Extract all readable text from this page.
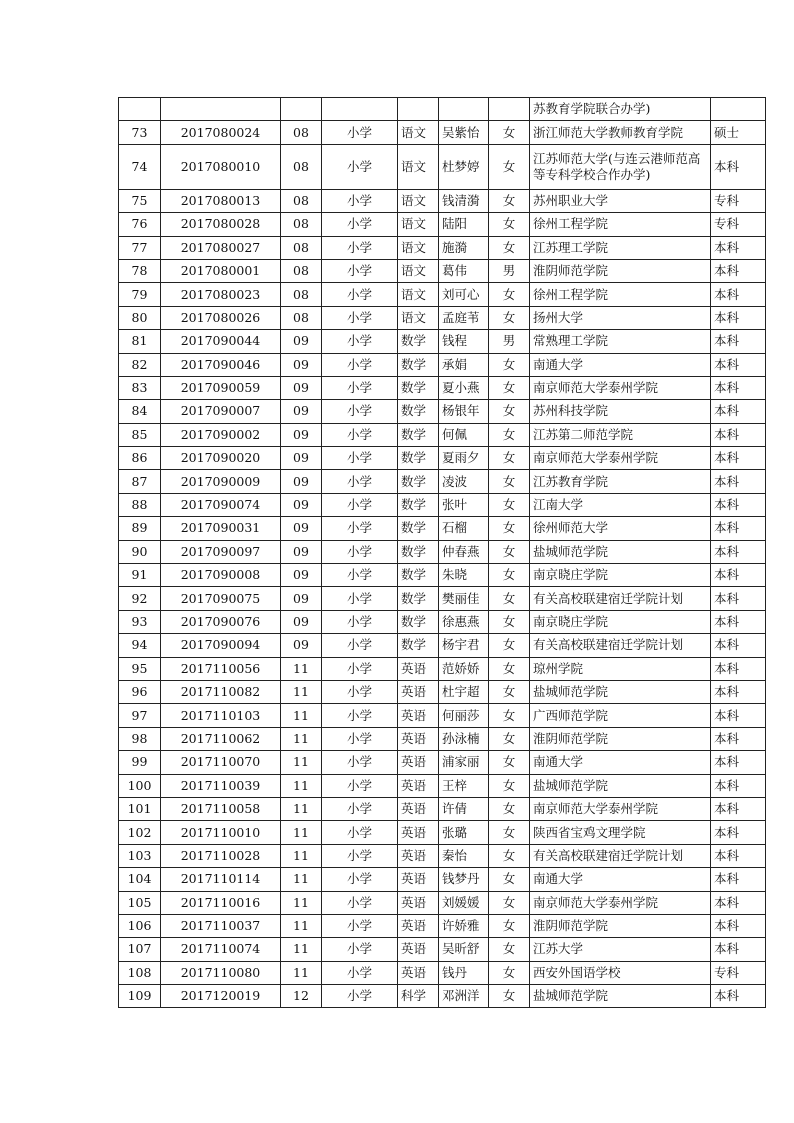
							苏教育学院联合办学)	
73	2017080024	08	小学	语文	吴紫怡	女	浙江师范大学教师教育学院	硕士
74	2017080010	08	小学	语文	杜梦婷	女	江苏师范大学(与连云港师范高等专科学校合作办学)	本科
75	2017080013	08	小学	语文	钱清漪	女	苏州职业大学	专科
76	2017080028	08	小学	语文	陆阳	女	徐州工程学院	专科
77	2017080027	08	小学	语文	施漪	女	江苏理工学院	本科
78	2017080001	08	小学	语文	葛伟	男	淮阴师范学院	本科
79	2017080023	08	小学	语文	刘可心	女	徐州工程学院	本科
80	2017080026	08	小学	语文	孟庭苇	女	扬州大学	本科
81	2017090044	09	小学	数学	钱程	男	常熟理工学院	本科
82	2017090046	09	小学	数学	承娟	女	南通大学	本科
83	2017090059	09	小学	数学	夏小燕	女	南京师范大学泰州学院	本科
84	2017090007	09	小学	数学	杨银年	女	苏州科技学院	本科
85	2017090002	09	小学	数学	何佩	女	江苏第二师范学院	本科
86	2017090020	09	小学	数学	夏雨夕	女	南京师范大学泰州学院	本科
87	2017090009	09	小学	数学	凌波	女	江苏教育学院	本科
88	2017090074	09	小学	数学	张叶	女	江南大学	本科
89	2017090031	09	小学	数学	石榴	女	徐州师范大学	本科
90	2017090097	09	小学	数学	仲春燕	女	盐城师范学院	本科
91	2017090008	09	小学	数学	朱晓	女	南京晓庄学院	本科
92	2017090075	09	小学	数学	樊丽佳	女	有关高校联建宿迁学院计划	本科
93	2017090076	09	小学	数学	徐惠燕	女	南京晓庄学院	本科
94	2017090094	09	小学	数学	杨宇君	女	有关高校联建宿迁学院计划	本科
95	2017110056	11	小学	英语	范娇娇	女	琼州学院	本科
96	2017110082	11	小学	英语	杜宇超	女	盐城师范学院	本科
97	2017110103	11	小学	英语	何丽莎	女	广西师范学院	本科
98	2017110062	11	小学	英语	孙泳楠	女	淮阴师范学院	本科
99	2017110070	11	小学	英语	浦家丽	女	南通大学	本科
100	2017110039	11	小学	英语	王梓	女	盐城师范学院	本科
101	2017110058	11	小学	英语	许倩	女	南京师范大学泰州学院	本科
102	2017110010	11	小学	英语	张璐	女	陕西省宝鸡文理学院	本科
103	2017110028	11	小学	英语	秦怡	女	有关高校联建宿迁学院计划	本科
104	2017110114	11	小学	英语	钱梦丹	女	南通大学	本科
105	2017110016	11	小学	英语	刘媛媛	女	南京师范大学泰州学院	本科
106	2017110037	11	小学	英语	许娇雅	女	淮阴师范学院	本科
107	2017110074	11	小学	英语	吴昕舒	女	江苏大学	本科
108	2017110080	11	小学	英语	钱丹	女	西安外国语学校	专科
109	2017120019	12	小学	科学	邓洲洋	女	盐城师范学院	本科
